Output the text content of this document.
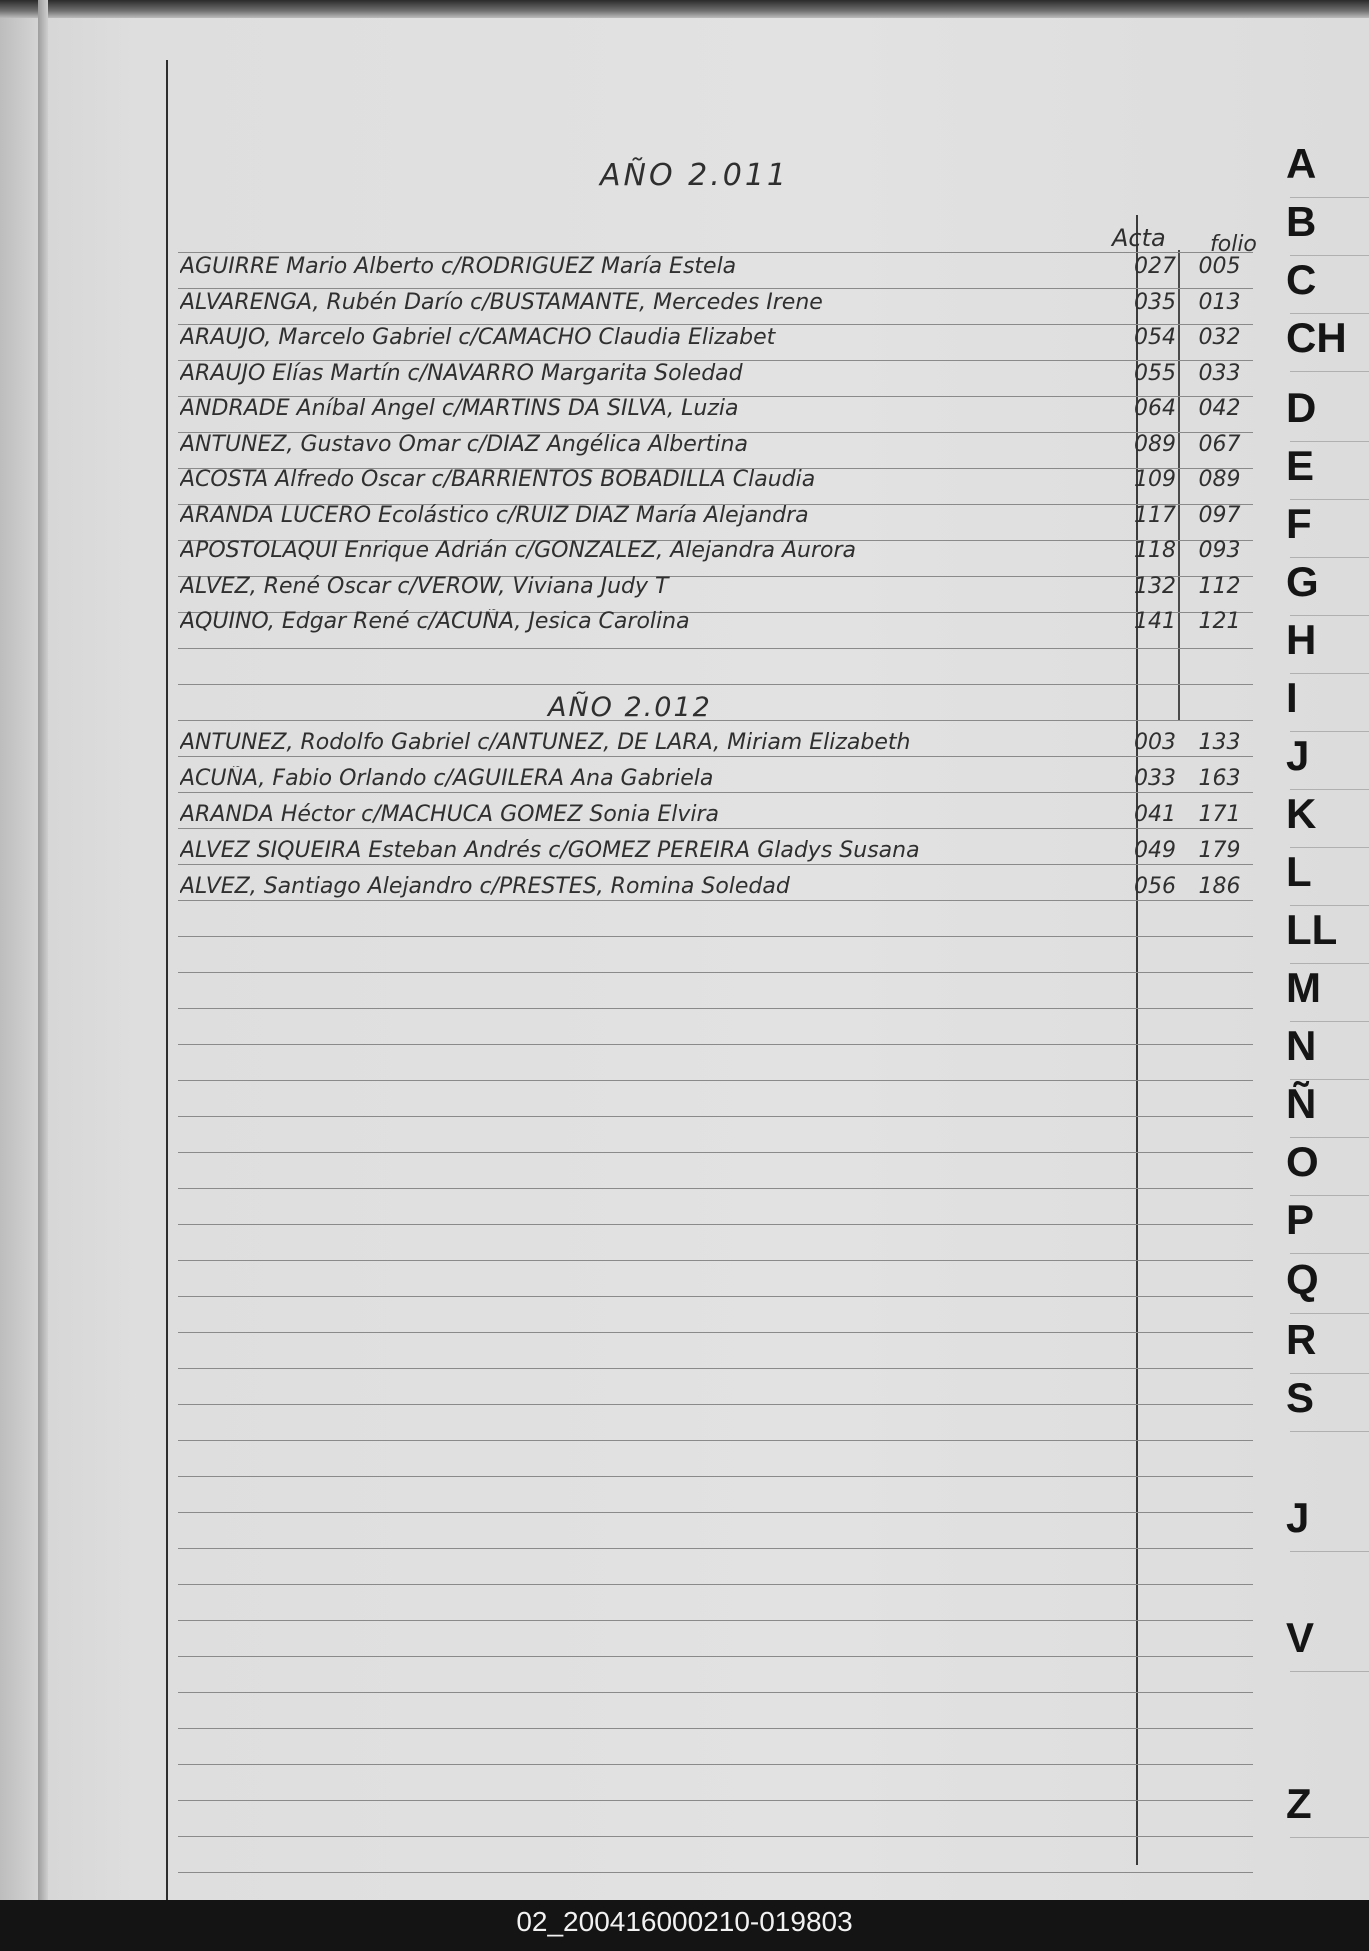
AÑO 2.011
Acta folio
AGUIRRE Mario Alberto c/RODRIGUEZ María Estela	027 005
ALVARENGA, Rubén Darío c/BUSTAMANTE, Mercedes Irene	035 013
ARAUJO, Marcelo Gabriel c/CAMACHO Claudia Elizabet	054 032
ARAUJO Elías Martín c/NAVARRO Margarita Soledad	055 033
ANDRADE Aníbal Angel c/MARTINS DA SILVA, Luzia	064 042
ANTUNEZ, Gustavo Omar c/DIAZ Angélica Albertina	089 067
ACOSTA Alfredo Oscar c/BARRIENTOS BOBADILLA Claudia	109 089
ARANDA LUCERO Ecolástico c/RUIZ DIAZ María Alejandra	117 097
APOSTOLAQUI Enrique Adrián c/GONZALEZ, Alejandra Aurora	118 093
ALVEZ, René Oscar c/VEROW, Viviana Judy T	132 112
AQUINO, Edgar René c/ACUÑA, Jesica Carolina	141 121
AÑO 2.012
ANTUNEZ, Rodolfo Gabriel c/ANTUNEZ, DE LARA, Miriam Elizabeth	003 133
ACUÑA, Fabio Orlando c/AGUILERA Ana Gabriela	033 163
ARANDA Héctor c/MACHUCA GOMEZ Sonia Elvira	041 171
ALVEZ SIQUEIRA Esteban Andrés c/GOMEZ PEREIRA Gladys Susana	049 179
ALVEZ, Santiago Alejandro c/PRESTES, Romina Soledad	056 186
A
B
C
CH
D
E
F
G
H
I
J
K
L
LL
M
N
Ñ
O
P
Q
R
S
J
V
Z
02_200416000210-019803
